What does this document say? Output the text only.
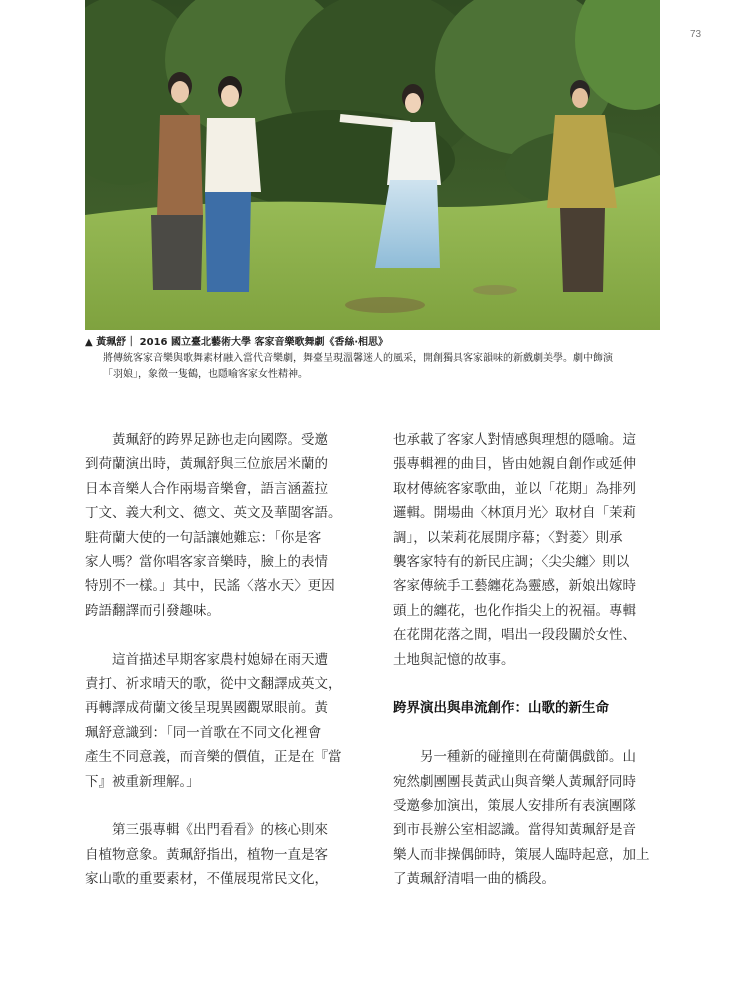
73
▲ 黃珮舒｜ 2016 國立臺北藝術大學 客家音樂歌舞劇《香絲‧相思》
將傳統客家音樂與歌舞素材融入當代音樂劇，舞臺呈現溫馨迷人的風采，開創獨具客家韻味的新戲劇美學。劇中飾演
「羽娘」，象徵一隻鶴，也隱喻客家女性精神。

　　黃珮舒的跨界足跡也走向國際。受邀
到荷蘭演出時，黃珮舒與三位旅居米蘭的
日本音樂人合作兩場音樂會，語言涵蓋拉
丁文、義大利文、德文、英文及華閩客語。
駐荷蘭大使的一句話讓她難忘：「你是客
家人嗎？當你唱客家音樂時，臉上的表情
特別不一樣。」其中，民謠〈落水天〉更因
跨語翻譯而引發趣味。

　　這首描述早期客家農村媳婦在雨天遭
責打、祈求晴天的歌，從中文翻譯成英文，
再轉譯成荷蘭文後呈現異國觀眾眼前。黃
珮舒意識到：「同一首歌在不同文化裡會
產生不同意義，而音樂的價值，正是在『當
下』被重新理解。」

　　第三張專輯《出門看看》的核心則來
自植物意象。黃珮舒指出，植物一直是客
家山歌的重要素材，不僅展現常民文化，

也承載了客家人對情感與理想的隱喻。這
張專輯裡的曲目，皆由她親自創作或延伸
取材傳統客家歌曲，並以「花期」為排列
邏輯。開場曲〈林頂月光〉取材自「茉莉
調」，以茉莉花展開序幕；〈對菱〉則承
襲客家特有的新民庄調；〈尖尖纏〉則以
客家傳統手工藝纏花為靈感，新娘出嫁時
頭上的纏花，也化作指尖上的祝福。專輯
在花開花落之間，唱出一段段關於女性、
土地與記憶的故事。

跨界演出與串流創作：山歌的新生命

　　另一種新的碰撞則在荷蘭偶戲節。山
宛然劇團團長黃武山與音樂人黃珮舒同時
受邀參加演出，策展人安排所有表演團隊
到市長辦公室相認識。當得知黃珮舒是音
樂人而非操偶師時，策展人臨時起意，加上
了黃珮舒清唱一曲的橋段。
